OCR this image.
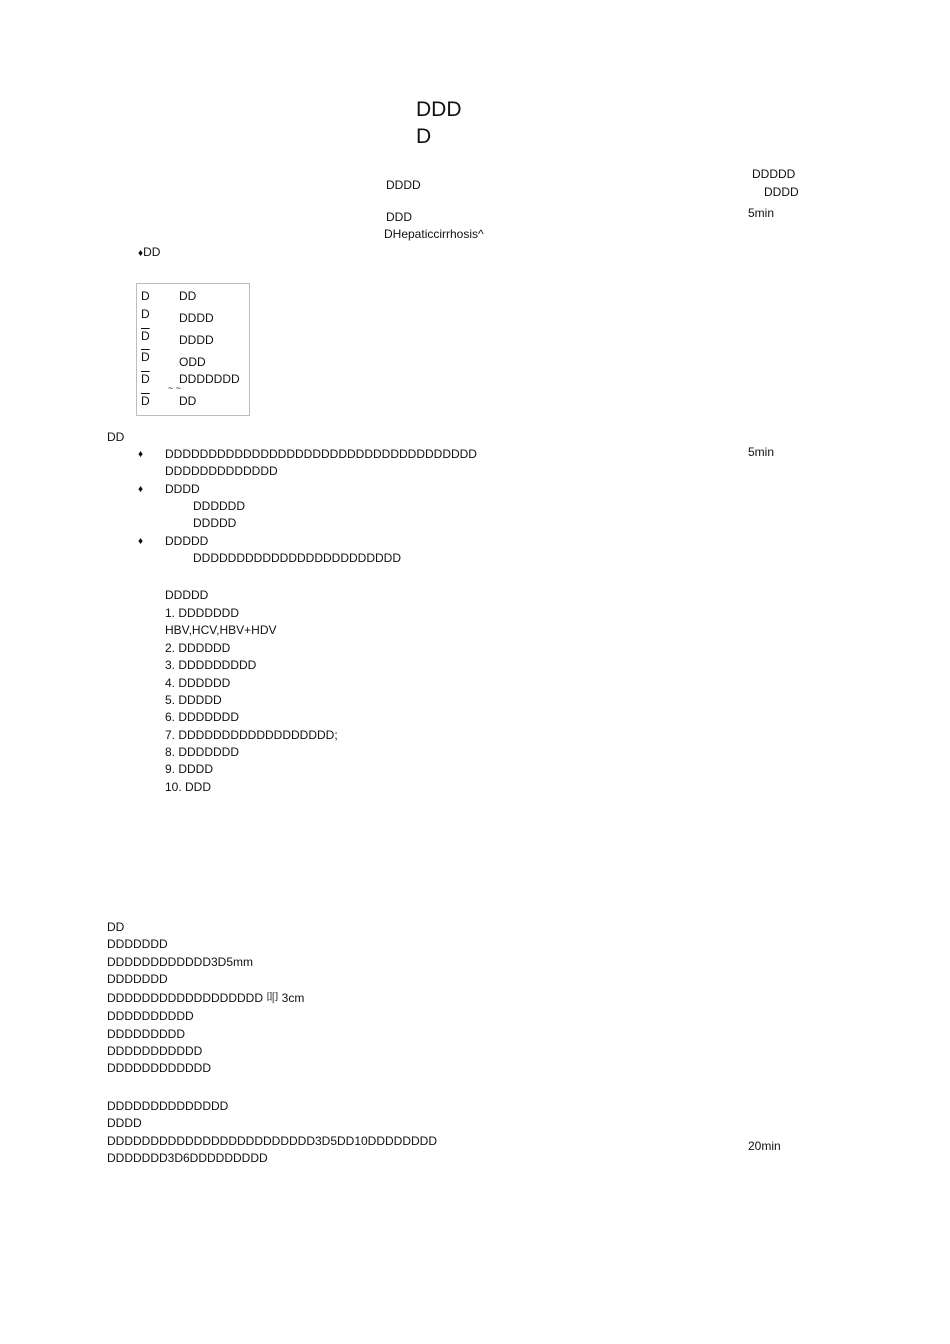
DDD
D
DDDDD
DDDD
DDDD
DDD	5min
DHepaticcirrhosis^
♦DD
D DD
D DDDD
$\overline{D}$ DDDD
$\overline{D}$ ODD
$\overline{D}$ DDDDDDD
~ ~
$\overline{D}$ DD
DD
5min
♦ DDDDDDDDDDDDDDDDDDDDDDDDDDDDDDDDDDDD
DDDDDDDDDDDDD
♦ DDDD
DDDDDD
DDDDD
♦ DDDDD
DDDDDDDDDDDDDDDDDDDDDDDD
DDDDD
1. DDDDDDD
HBV,HCV,HBV+HDV
2. DDDDDD
3. DDDDDDDDD
4. DDDDDD
5. DDDDD
6. DDDDDDD
7. DDDDDDDDDDDDDDDDDD;
8. DDDDDDD
9. DDDD
10. DDD
DD
DDDDDDD
DDDDDDDDDDDD3D5mm
DDDDDDD
DDDDDDDDDDDDDDDDDD 叩 3cm
DDDDDDDDDD
DDDDDDDDD
DDDDDDDDDDD
DDDDDDDDDDDD
DDDDDDDDDDDDDD
DDDD
DDDDDDDDDDDDDDDDDDDDDDDD3D5DD10DDDDDDDD	20min
DDDDDDD3D6DDDDDDDDD
